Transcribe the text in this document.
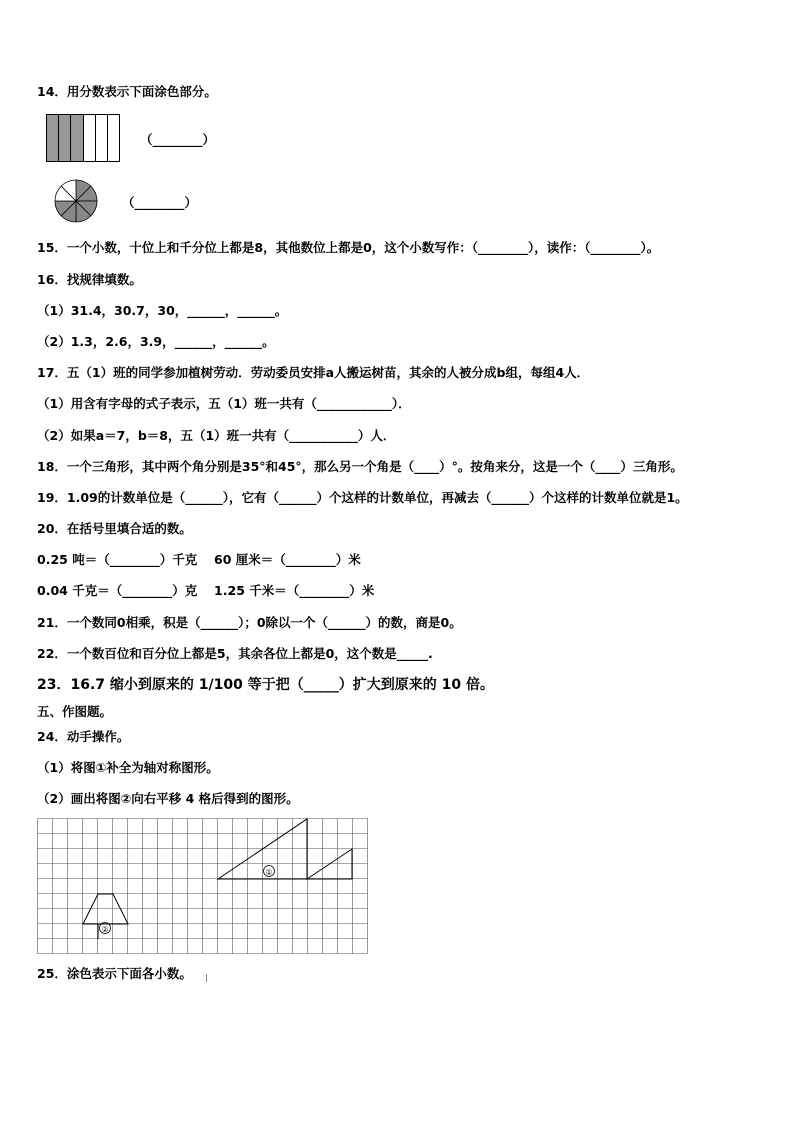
14．用分数表示下面涂色部分。
（________）
（________）
15．一个小数，十位上和千分位上都是8，其他数位上都是0，这个小数写作：（________），读作：（________）。
16．找规律填数。
（1）31.4，30.7，30，______，______。
（2）1.3，2.6，3.9，______，______。
17．五（1）班的同学参加植树劳动．劳动委员安排a人搬运树苗，其余的人被分成b组，每组4人．
（1）用含有字母的式子表示，五（1）班一共有（____________）．
（2）如果a＝7，b＝8，五（1）班一共有（___________）人．
18．一个三角形，其中两个角分别是35°和45°，那么另一个角是（____）°。按角来分，这是一个（____）三角形。
19．1.09的计数单位是（______），它有（______）个这样的计数单位，再减去（______）个这样的计数单位就是1。
20．在括号里填合适的数。
0.25 吨＝（________）千克　 60 厘米＝（________）米
0.04 千克＝（________）克　 1.25 千米＝（________）米
21．一个数同0相乘，积是（______）；0除以一个（______）的数，商是0。
22．一个数百位和百分位上都是5，其余各位上都是0，这个数是_____.
23．16.7 缩小到原来的 1/100 等于把（_____）扩大到原来的 10 倍。
五、作图题。
24．动手操作。
（1）将图①补全为轴对称图形。
（2）画出将图②向右平移 4 格后得到的图形。
①
②
25．涂色表示下面各小数。
